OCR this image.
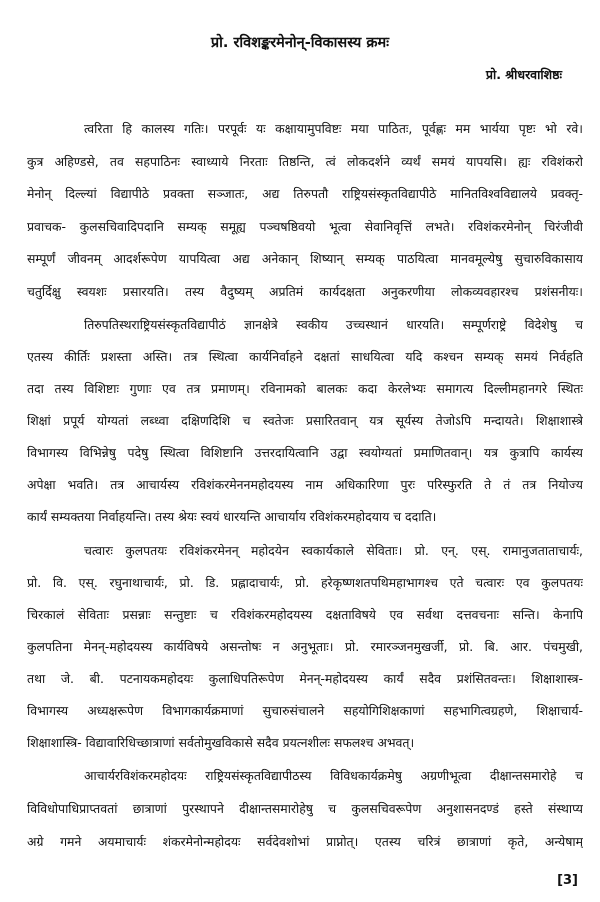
प्रो. रविशङ्करमेनोन्-विकासस्य क्रमः
प्रो. श्रीधरवाशिष्ठः
त्वरिता हि कालस्य गतिः। परपूर्वः यः कक्षायामुपविष्टः मया पाठितः, पूर्वह्णः मम भार्यया पृष्टः भो रवे।
कुत्र अहिण्डसे, तव सहपाठिनः स्वाध्याये निरताः तिष्ठन्ति, त्वं लोकदर्शने व्यर्थं समयं यापयसि। ह्यः रविशंकरो
मेनोन् दिल्ल्यां विद्यापीठे प्रवक्ता सञ्जातः, अद्य तिरुपतौ राष्ट्रियसंस्कृतविद्यापीठे मानितविश्वविद्यालये प्रवक्तृ-
प्रवाचक- कुलसचिवादिपदानि सम्यक् समूह्य पञ्चषष्ठिवयो भूत्वा सेवानिवृत्तिं लभते। रविशंकरमेनोन् चिरंजीवी
सम्पूर्णं जीवनम् आदर्शरूपेण यापयित्वा अद्य अनेकान् शिष्यान् सम्यक् पाठयित्वा मानवमूल्येषु सुचारुविकासाय
चतुर्दिक्षु स्वयशः प्रसारयति। तस्य वैदुष्यम् अप्रतिमं कार्यदक्षता अनुकरणीया लोकव्यवहारश्च प्रशंसनीयः।
तिरुपतिस्थराष्ट्रियसंस्कृतविद्यापीठं ज्ञानक्षेत्रे स्वकीय उच्चस्थानं धारयति। सम्पूर्णराष्ट्रे विदेशेषु च
एतस्य कीर्तिः प्रशस्ता अस्ति। तत्र स्थित्वा कार्यनिर्वाहने दक्षतां साधयित्वा यदि कश्चन सम्यक् समयं निर्वहति
तदा तस्य विशिष्टाः गुणाः एव तत्र प्रमाणम्। रविनामको बालकः कदा केरलेभ्यः समागत्य दिल्लीमहानगरे स्थितः
शिक्षां प्रपूर्य योग्यतां लब्ध्वा दक्षिणदिशि च स्वतेजः प्रसारितवान् यत्र सूर्यस्य तेजोऽपि मन्दायते। शिक्षाशास्त्रे
विभागस्य विभिन्नेषु पदेषु स्थित्वा विशिष्टानि उत्तरदायित्वानि उद्वा स्वयोग्यतां प्रमाणितवान्। यत्र कुत्रापि कार्यस्य
अपेक्षा भवति। तत्र आचार्यस्य रविशंकरमेननमहोदयस्य नाम अधिकारिणा पुरः परिस्फुरति ते तं तत्र नियोज्य
कार्यं सम्यक्तया निर्वाहयन्ति। तस्य श्रेयः स्वयं धारयन्ति आचार्याय रविशंकरमहोदयाय च ददाति।
चत्वारः कुलपतयः रविशंकरमेनन् महोदयेन स्वकार्यकाले सेविताः। प्रो. एन्. एस्. रामानुजताताचार्यः,
प्रो. वि. एस्. रघुनाथाचार्यः, प्रो. डि. प्रह्लादाचार्यः, प्रो. हरेकृष्णशतपथिमहाभागश्च एते चत्वारः एव कुलपतयः
चिरकालं सेविताः प्रसन्नाः सन्तुष्टाः च रविशंकरमहोदयस्य दक्षताविषये एव सर्वथा दत्तवचनाः सन्ति। केनापि
कुलपतिना मेनन्-महोदयस्य कार्यविषये असन्तोषः न अनुभूताः। प्रो. रमारञ्जनमुखर्जी, प्रो. बि. आर. पंचमुखी,
तथा जे. बी. पटनायकमहोदयः कुलाधिपतिरूपेण मेनन्-महोदयस्य कार्यं सदैव प्रशंसितवन्तः। शिक्षाशास्त्र-
विभागस्य अध्यक्षरूपेण विभागकार्यक्रमाणां सुचारुसंचालने सहयोगिशिक्षकाणां सहभागित्वग्रहणे, शिक्षाचार्य-
शिक्षाशास्त्रि- विद्यावारिधिच्छात्राणां सर्वतोमुखविकासे सदैव प्रयत्नशीलः सफलश्च अभवत्।
आचार्यरविशंकरमहोदयः राष्ट्रियसंस्कृतविद्यापीठस्य विविधकार्यक्रमेषु अग्रणीभूत्वा दीक्षान्तसमारोहे च
विविधोपाधिप्राप्तवतां छात्राणां पुरस्थापने दीक्षान्तसमारोहेषु च कुलसचिवरूपेण अनुशासनदण्डं हस्ते संस्थाप्य
अग्रे गमने अयमाचार्यः शंकरमेनोन्महोदयः सर्वदेवशोभां प्राप्नोत्। एतस्य चरित्रं छात्राणां कृते, अन्येषाम्
[3]
